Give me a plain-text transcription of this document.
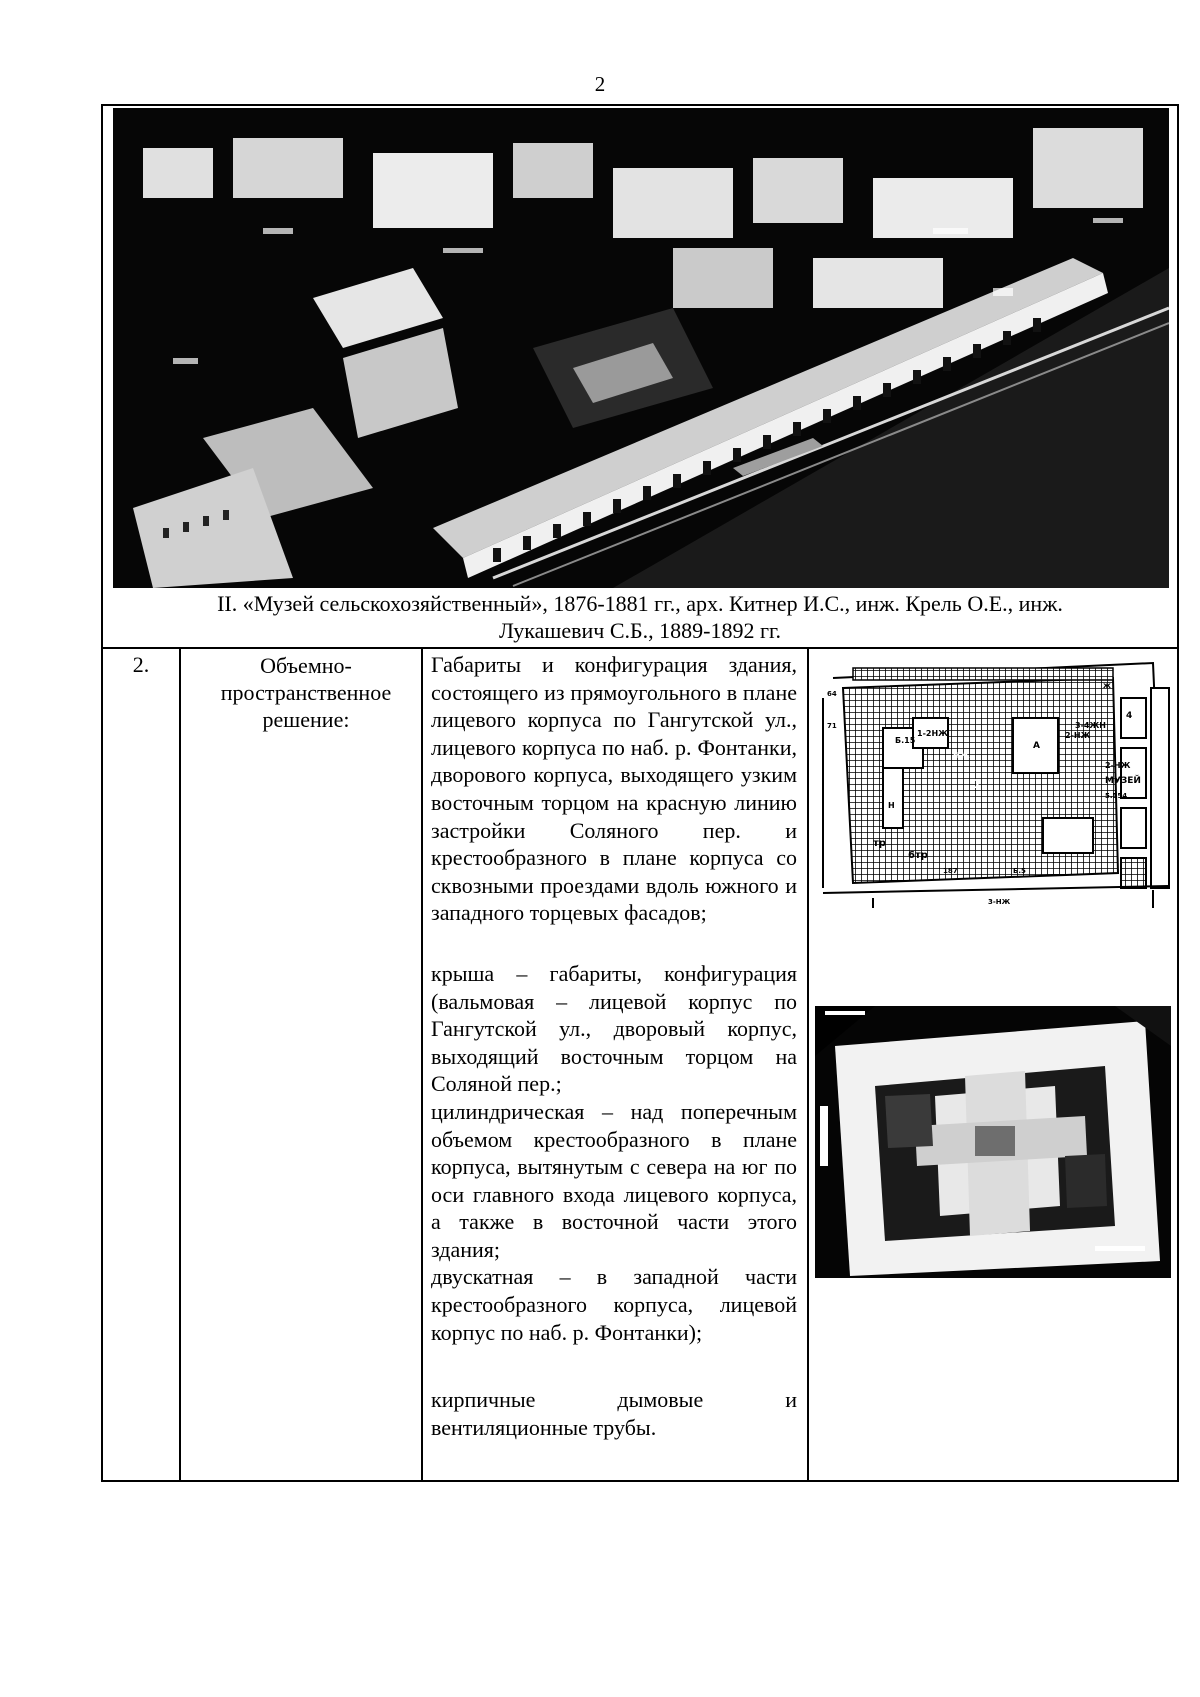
2
II. «Музей сельскохозяйственный», 1876-1881 гг., арх. Китнер И.С., инж. Крель О.Е., инж.
Лукашевич С.Б., 1889-1892 гг.
2.	Объемно-пространственное решение:

Габариты и конфигурация здания, состоящего из прямоугольного в плане лицевого корпуса по Гангутской ул., лицевого корпуса по наб. р. Фонтанки, дворового корпуса, выходящего узким восточным торцом на красную линию застройки Соляного пер. и крестообразного в плане корпуса со сквозными проездами вдоль южного и западного торцевых фасадов;

крыша – габариты, конфигурация (вальмовая – лицевой корпус по Гангутской ул., дворовый корпус, выходящий восточным торцом на Соляной пер.;

цилиндрическая – над поперечным объемом крестообразного в плане корпуса, вытянутым с севера на юг по оси главного входа лицевого корпуса, а также в восточной части этого здания;

двускатная – в западной части крестообразного корпуса, лицевой корпус по наб. р. Фонтанки);

кирпичные дымовые и вентиляционные трубы.

Б.15
2-НЖ
1-2НЖ
3-4ЖН
1
А
НЖ
Н
4
МУЗЕЙ
5.554
2-НЖ
тр
6тр
187	Б.5
ж
3-НЖ
71
64
